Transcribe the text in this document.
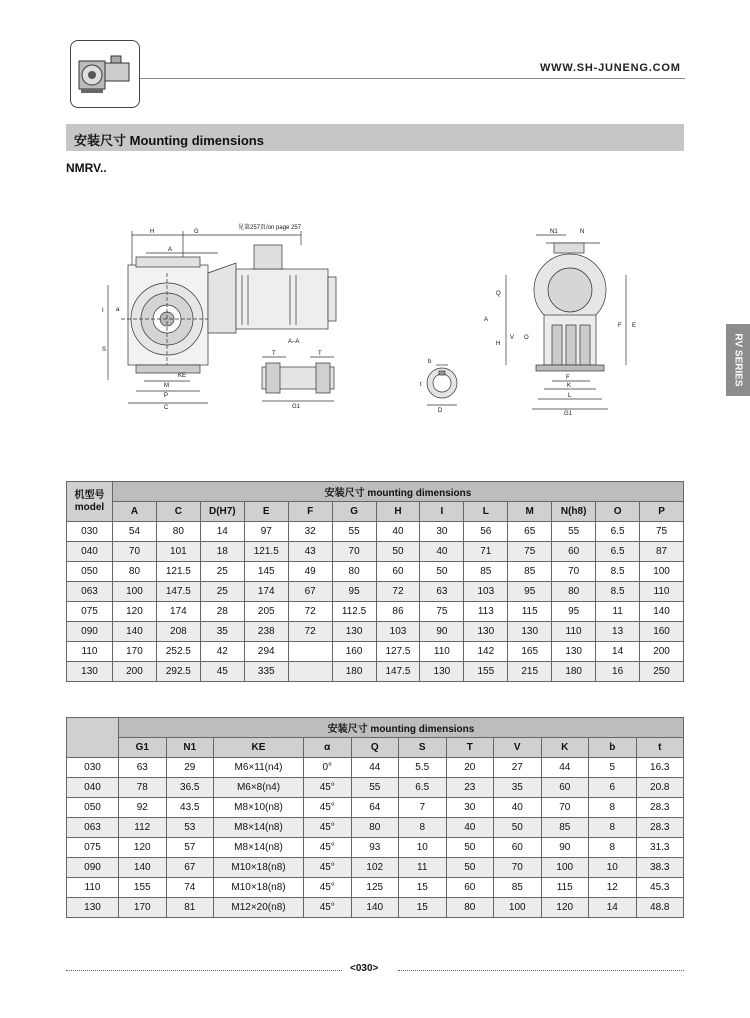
WWW.SH-JUNENG.COM
安装尺寸 Mounting dimensions
NMRV..
RV SERIES
H	G
见第257页/on page 257
A
I a
S
KE
M
P
C
A–A
T	T
G1
b
t
D
N1	N
Q
A
H
V O
E
F
F
K
L
G1
机型号 model	安装尺寸 mounting dimensions												
	A	C	D(H7)	E	F	G	H	I	L	M	N(h8)	O	P
030	54	80	14	97	32	55	40	30	56	65	55	6.5	75
040	70	101	18	121.5	43	70	50	40	71	75	60	6.5	87
050	80	121.5	25	145	49	80	60	50	85	85	70	8.5	100
063	100	147.5	25	174	67	95	72	63	103	95	80	8.5	110
075	120	174	28	205	72	112.5	86	75	113	115	95	11	140
090	140	208	35	238	72	130	103	90	130	130	110	13	160
110	170	252.5	42	294		160	127.5	110	142	165	130	14	200
130	200	292.5	45	335		180	147.5	130	155	215	180	16	250
	安装尺寸 mounting dimensions										
	G1	N1	KE	α	Q	S	T	V	K	b	t
030	63	29	M6×11(n4)	0°	44	5.5	20	27	44	5	16.3
040	78	36.5	M6×8(n4)	45°	55	6.5	23	35	60	6	20.8
050	92	43.5	M8×10(n8)	45°	64	7	30	40	70	8	28.3
063	112	53	M8×14(n8)	45°	80	8	40	50	85	8	28.3
075	120	57	M8×14(n8)	45°	93	10	50	60	90	8	31.3
090	140	67	M10×18(n8)	45°	102	11	50	70	100	10	38.3
110	155	74	M10×18(n8)	45°	125	15	60	85	115	12	45.3
130	170	81	M12×20(n8)	45°	140	15	80	100	120	14	48.8
<030>
